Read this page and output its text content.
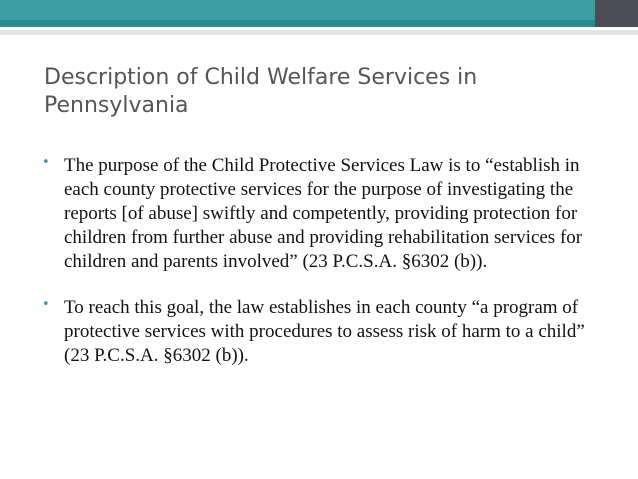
Description of Child Welfare Services in Pennsylvania
• The purpose of the Child Protective Services Law is to “establish in each county protective services for the purpose of investigating the reports [of abuse] swiftly and competently, providing protection for children from further abuse and providing rehabilitation services for children and parents involved” (23 P.C.S.A. §6302 (b)).
• To reach this goal, the law establishes in each county “a program of protective services with procedures to assess risk of harm to a child” (23 P.C.S.A. §6302 (b)).
